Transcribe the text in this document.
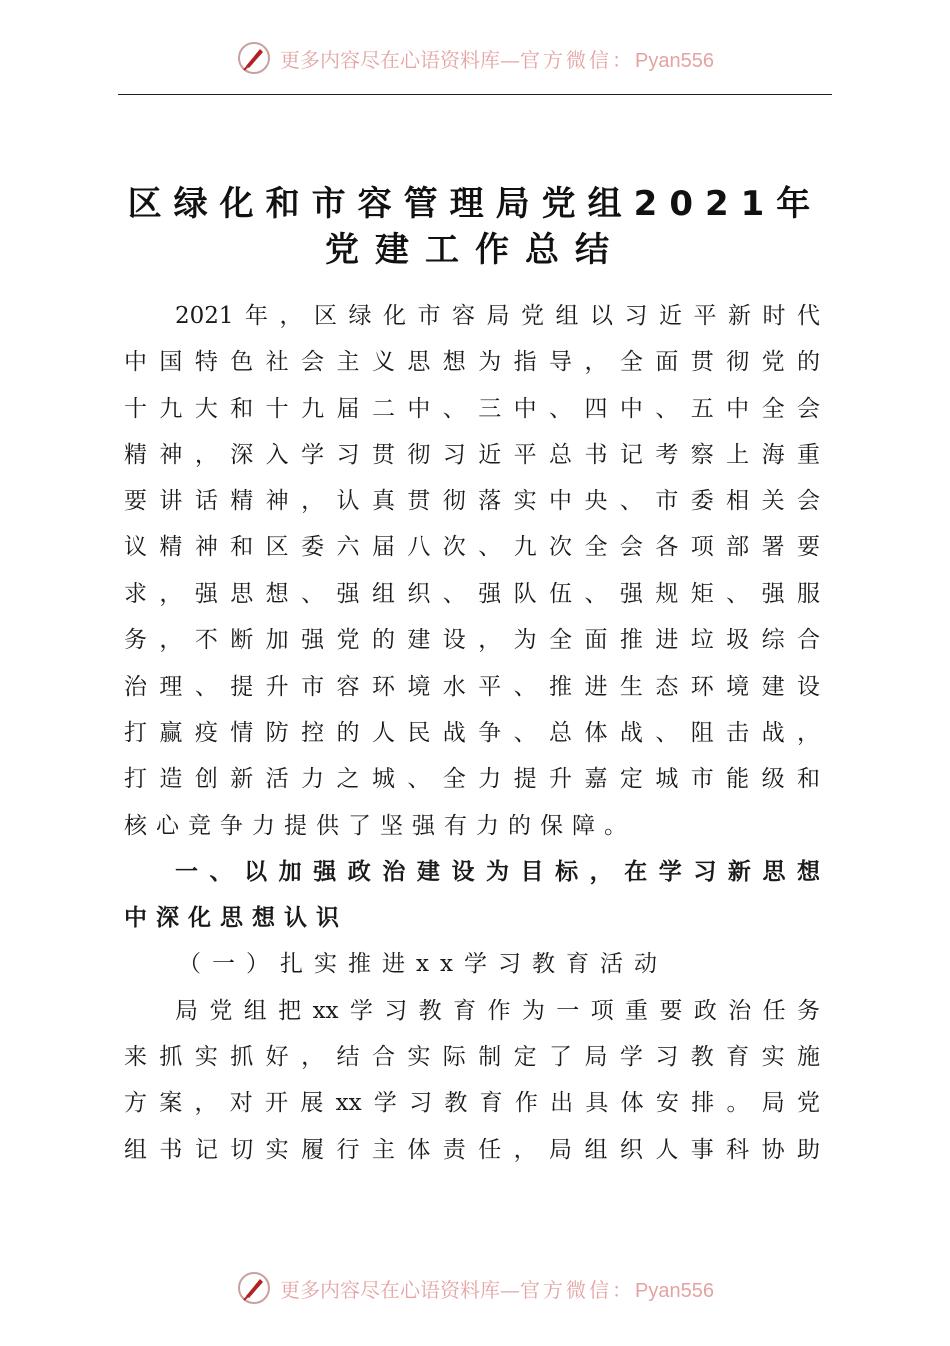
更多内容尽在心语资料库—官方微信：Pyan556
区绿化和市容管理局党组2021年
党建工作总结
2021年，区绿化市容局党组以习近平新时代
中国特色社会主义思想为指导，全面贯彻党的
十九大和十九届二中、三中、四中、五中全会
精神，深入学习贯彻习近平总书记考察上海重
要讲话精神，认真贯彻落实中央、市委相关会
议精神和区委六届八次、九次全会各项部署要
求，强思想、强组织、强队伍、强规矩、强服
务，不断加强党的建设，为全面推进垃圾综合
治理、提升市容环境水平、推进生态环境建设
打赢疫情防控的人民战争、总体战、阻击战，
打造创新活力之城、全力提升嘉定城市能级和
核心竞争力提供了坚强有力的保障。
一、以加强政治建设为目标，在学习新思想
中深化思想认识
（一）扎实推进xx学习教育活动
局党组把xx学习教育作为一项重要政治任务
来抓实抓好，结合实际制定了局学习教育实施
方案，对开展xx学习教育作出具体安排。局党
组书记切实履行主体责任，局组织人事科协助
更多内容尽在心语资料库—官方微信：Pyan556
